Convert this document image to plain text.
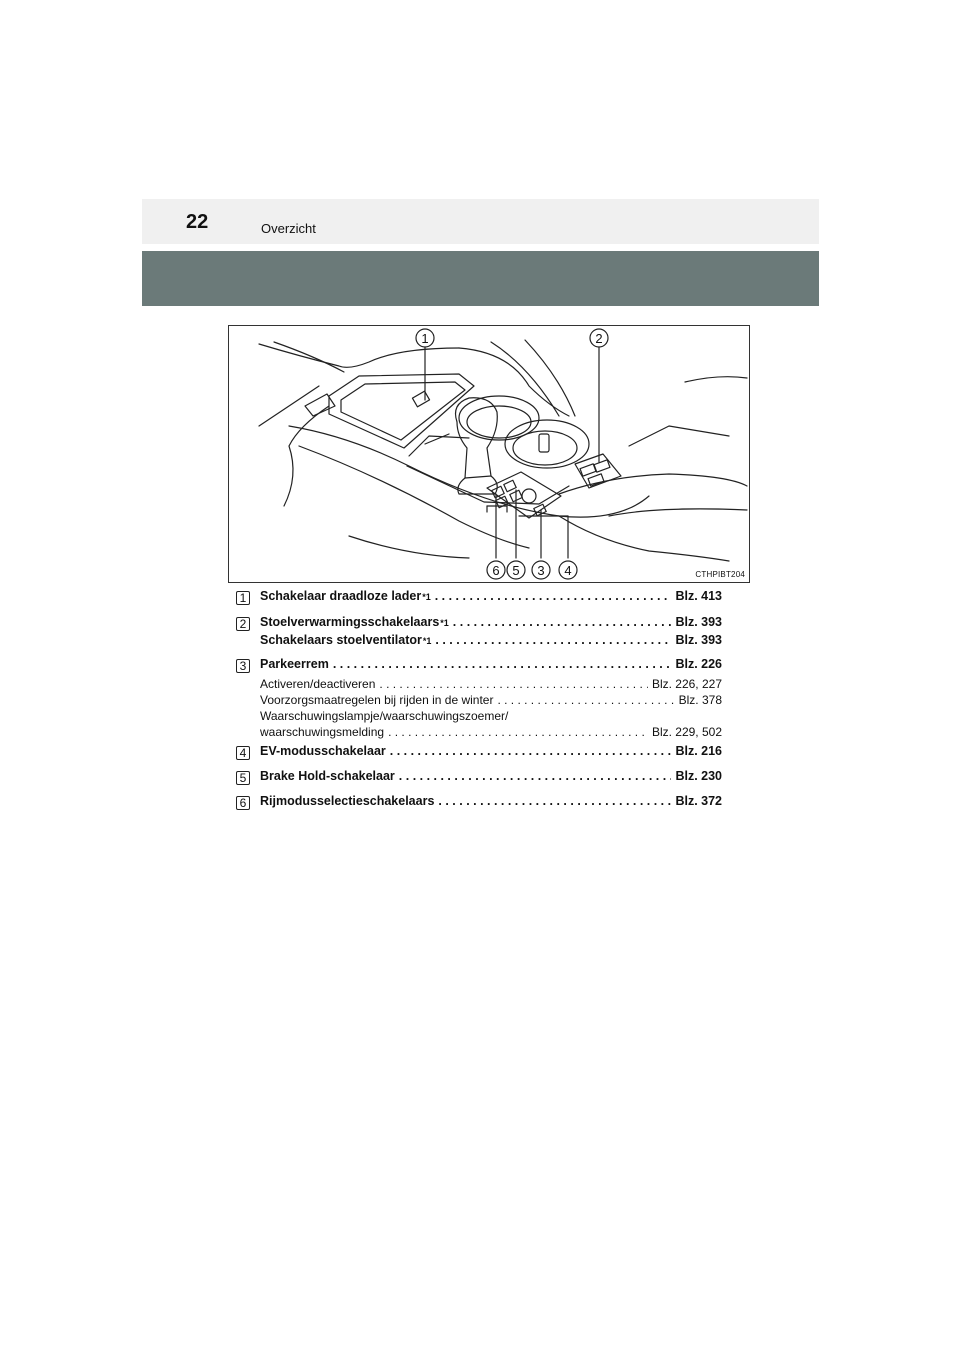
22	Overzicht
1	2
6 5 3 4	CTHPIBT204
1 Schakelaar draadloze lader *1 . . .	Blz. 413
2 Stoelverwarmingsschakelaars *1 . . .	Blz. 393
Schakelaars stoelventilator *1 . . .	Blz. 393
3 Parkeerrem . . .	Blz. 226
Activeren/deactiveren . . .	Blz. 226, 227
Voorzorgsmaatregelen bij rijden in de winter . . .	Blz. 378
Waarschuwingslampje/waarschuwingszoemer/
waarschuwingsmelding . . .	Blz. 229, 502
4 EV-modusschakelaar . . .	Blz. 216
5 Brake Hold-schakelaar . . .	Blz. 230
6 Rijmodusselectieschakelaars . . .	Blz. 372
